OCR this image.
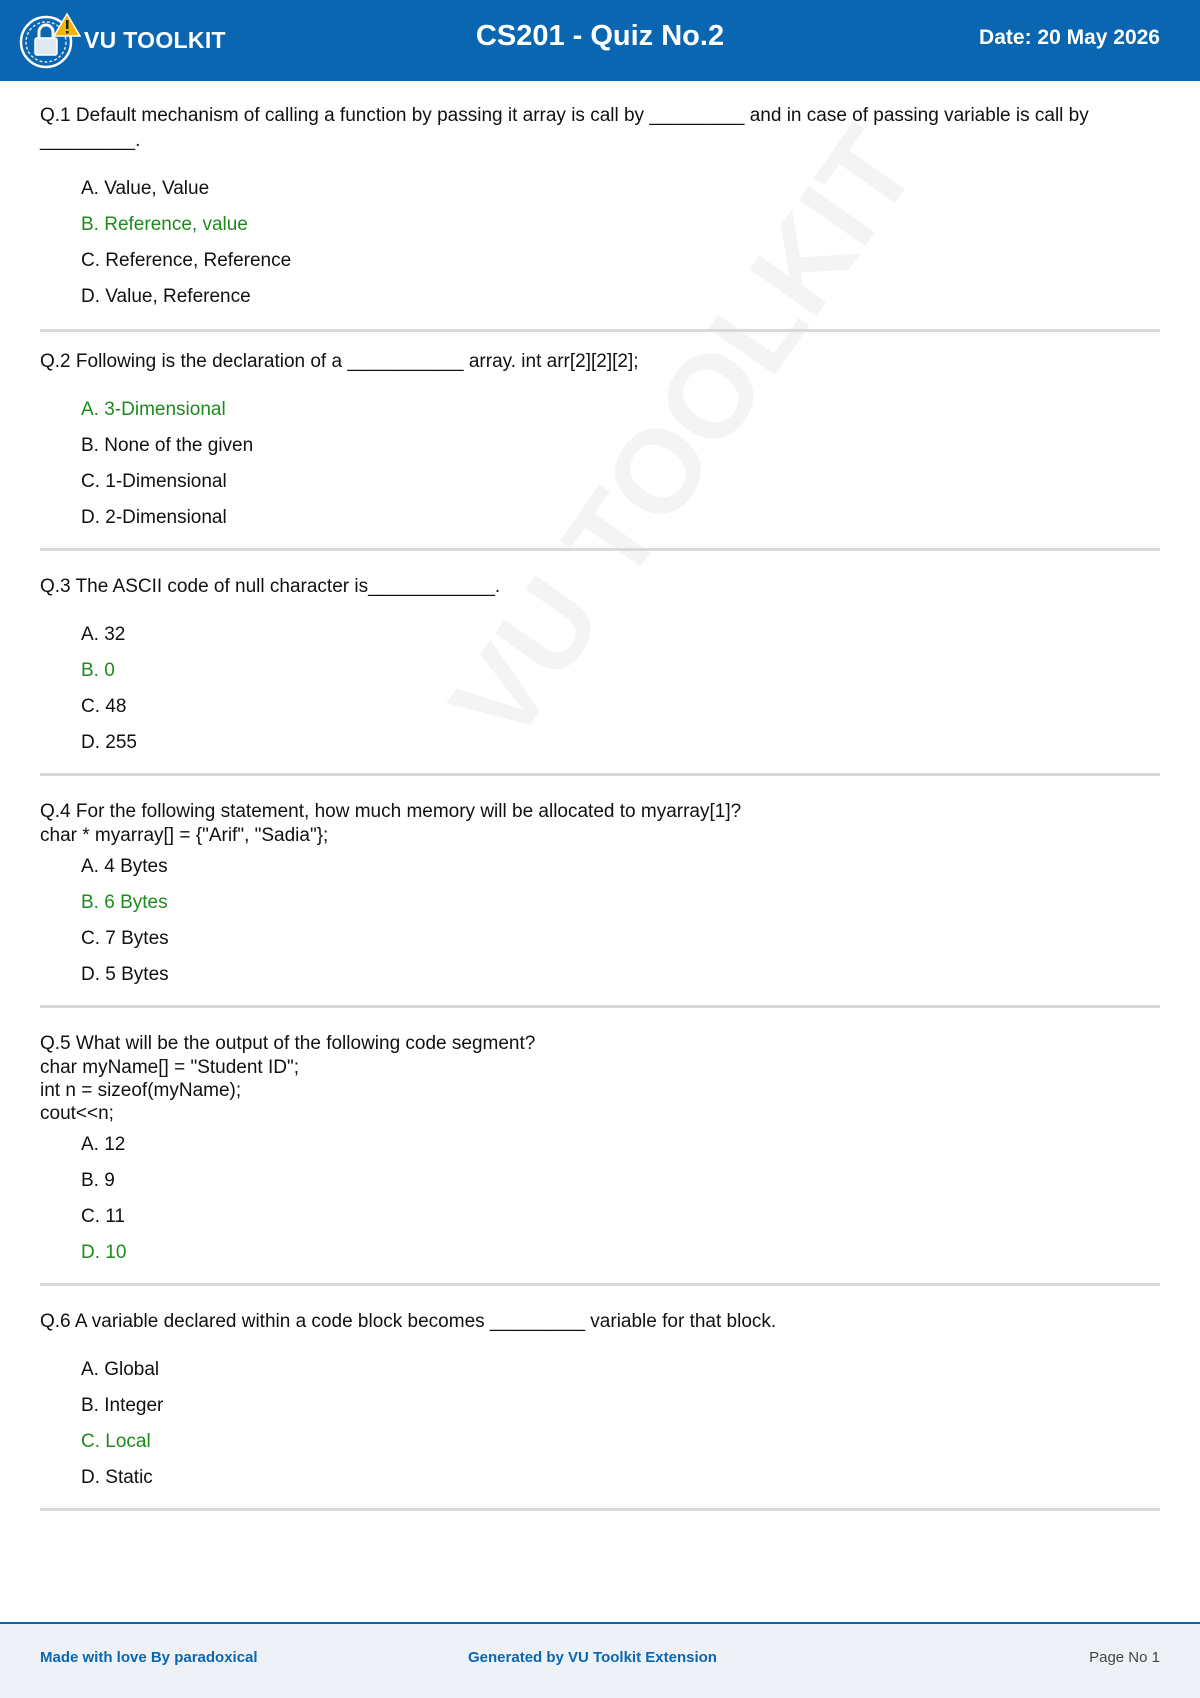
VU TOOLKIT	CS201 - Quiz No.2	Date: 20 May 2026
Q.1 Default mechanism of calling a function by passing it array is call by _________ and in case of passing variable is call by _________.
A. Value, Value
B. Reference, value
C. Reference, Reference
D. Value, Reference
Q.2 Following is the declaration of a ___________ array. int arr[2][2][2];
A. 3-Dimensional
B. None of the given
C. 1-Dimensional
D. 2-Dimensional
Q.3 The ASCII code of null character is____________.
A. 32
B. 0
C. 48
D. 255
Q.4 For the following statement, how much memory will be allocated to myarray[1]?
char * myarray[] = {"Arif", "Sadia"};
A. 4 Bytes
B. 6 Bytes
C. 7 Bytes
D. 5 Bytes
Q.5 What will be the output of the following code segment?
char myName[] = "Student ID";
int n = sizeof(myName);
cout<<n;
A. 12
B. 9
C. 11
D. 10
Q.6 A variable declared within a code block becomes _________ variable for that block.
A. Global
B. Integer
C. Local
D. Static
Made with love By paradoxical	Generated by VU Toolkit Extension	Page No 1
